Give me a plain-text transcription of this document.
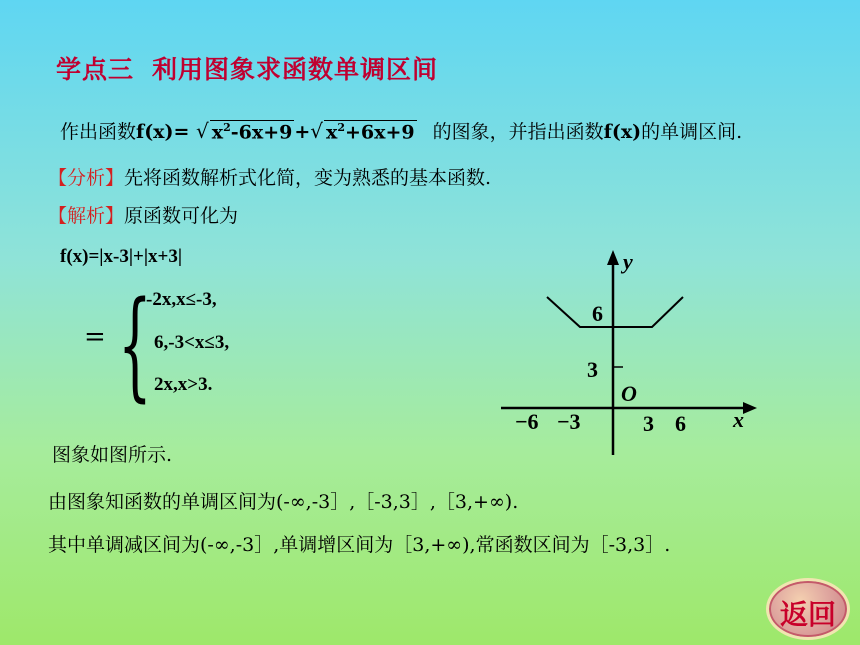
学点三 利用图象求函数单调区间
作出函数f(x)= √ $x^2-6x+9$ +√ $x^2+6x+9$ 的图象，并指出函数f(x)的单调区间.
【分析】先将函数解析式化简，变为熟悉的基本函数.
【解析】原函数可化为
f(x)=|x-3|+|x+3|
= {
-2x,x≤-3,
6,-3<x≤3,
2x,x>3.
y
x
O
6
3
−6 −3	3 6
图象如图所示.
由图象知函数的单调区间为(-∞,-3］,［-3,3］,［3,+∞).
其中单调减区间为(-∞,-3］,单调增区间为［3,+∞),常函数区间为［-3,3］.
返回
